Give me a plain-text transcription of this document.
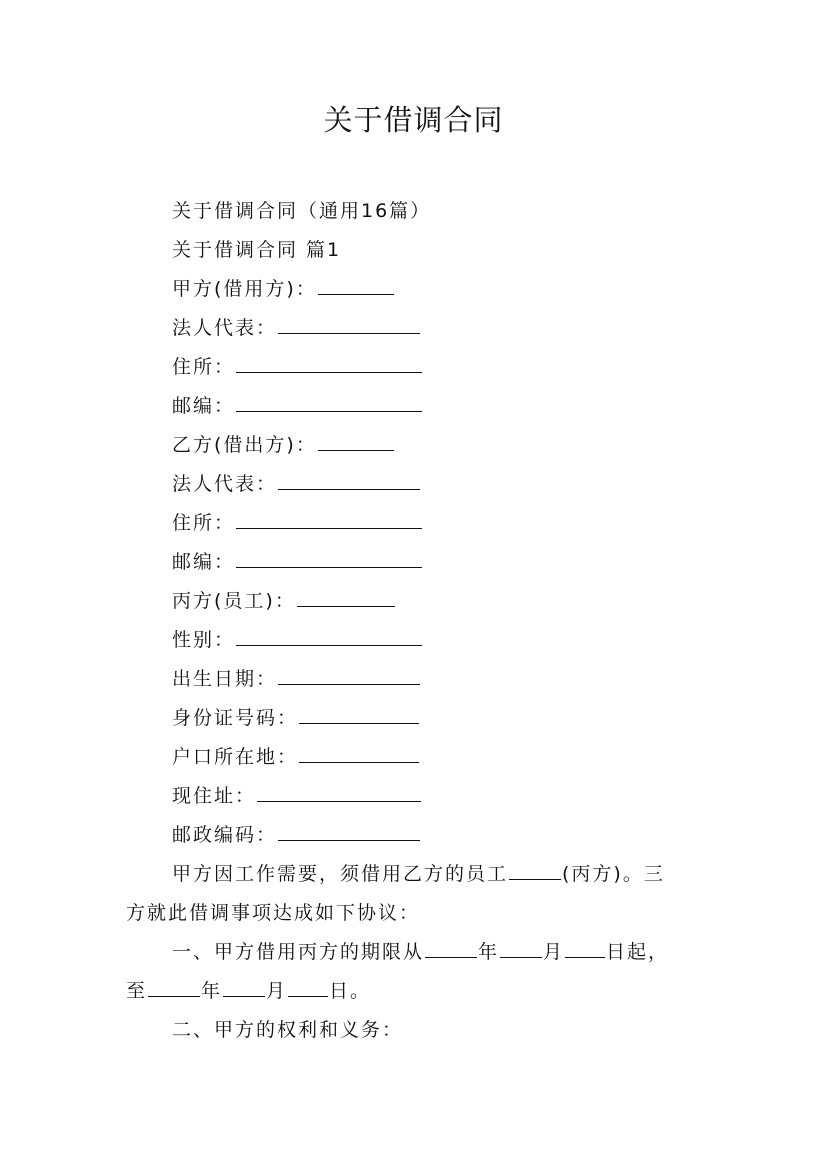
关于借调合同
关于借调合同（通用16篇）
关于借调合同 篇1
甲方(借用方)：
法人代表：
住所：
邮编：
乙方(借出方)：
法人代表：
住所：
邮编：
丙方(员工)：
性别：
出生日期：
身份证号码：
户口所在地：
现住址：
邮政编码：
甲方因工作需要，须借用乙方的员工	(丙方)。三
方就此借调事项达成如下协议：
一、甲方借用丙方的期限从	年 月 日起，
至	年 月 日。
二、甲方的权利和义务：
